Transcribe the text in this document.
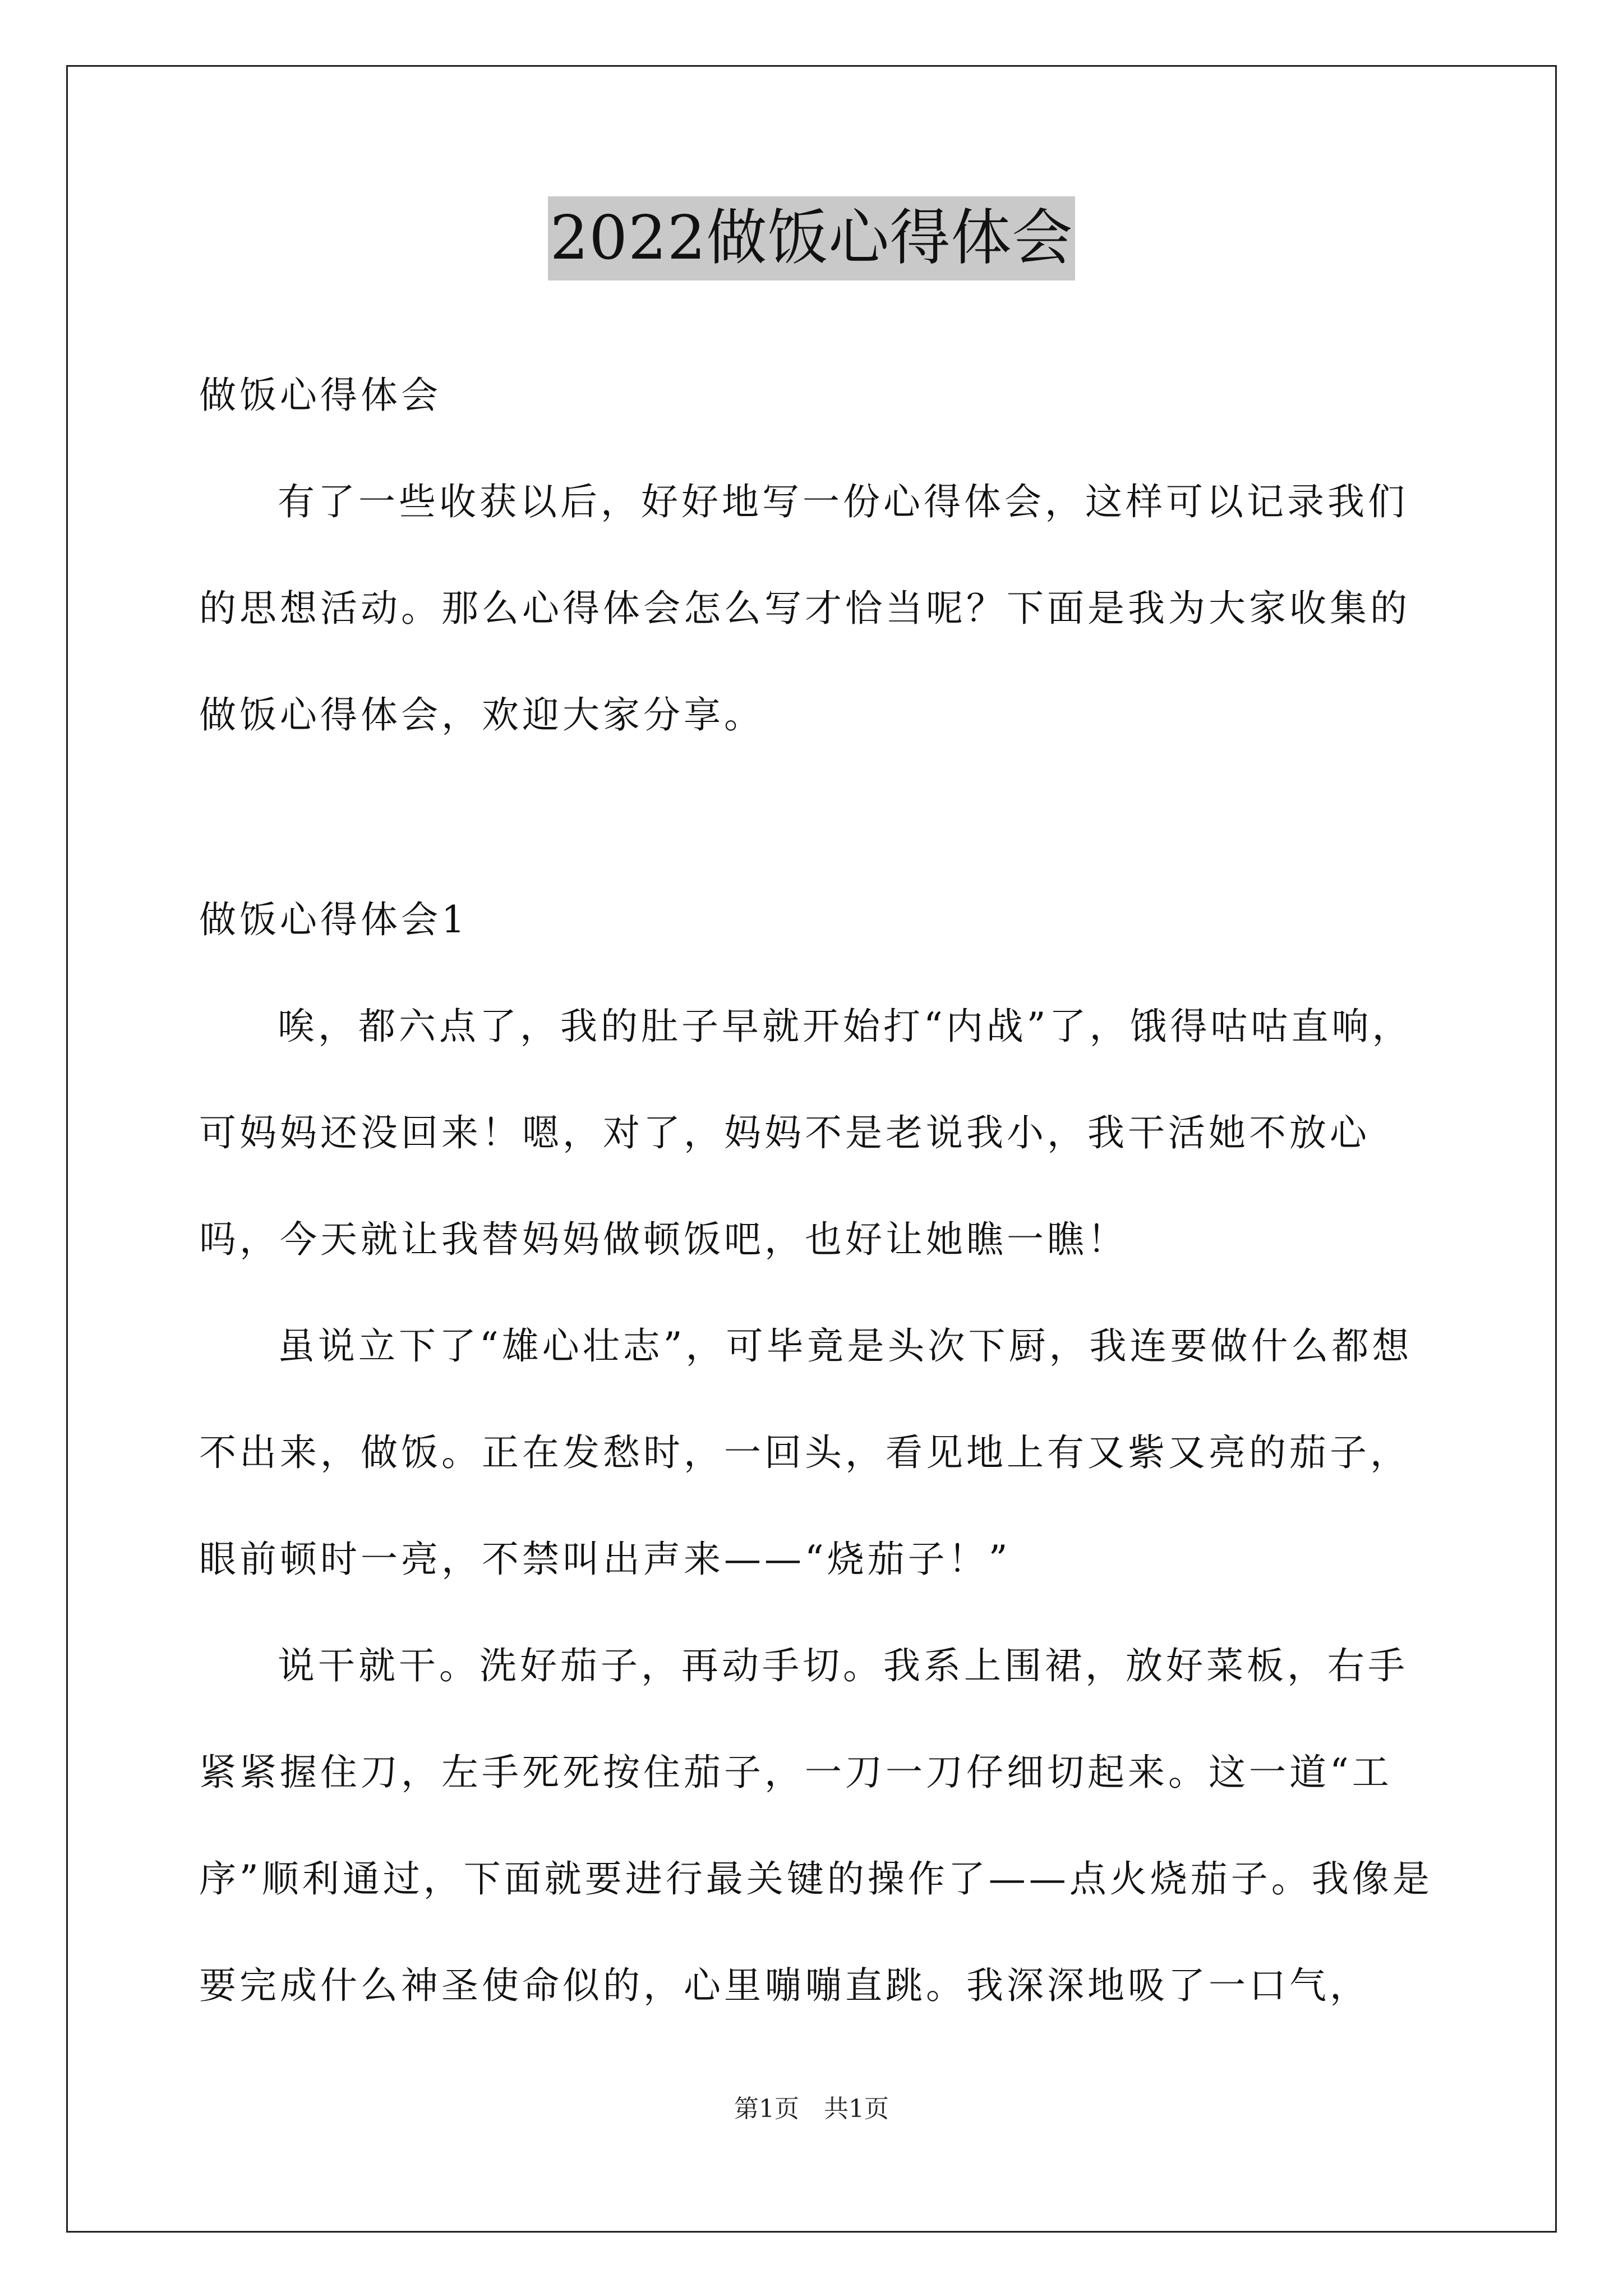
2022做饭心得体会
做饭心得体会

有了一些收获以后，好好地写一份心得体会，这样可以记录我们的思想活动。那么心得体会怎么写才恰当呢？下面是我为大家收集的做饭心得体会，欢迎大家分享。

做饭心得体会1

唉，都六点了，我的肚子早就开始打“内战”了，饿得咕咕直响，可妈妈还没回来！嗯，对了，妈妈不是老说我小，我干活她不放心吗，今天就让我替妈妈做顿饭吧，也好让她瞧一瞧！

虽说立下了“雄心壮志”，可毕竟是头次下厨，我连要做什么都想不出来，做饭。正在发愁时，一回头，看见地上有又紫又亮的茄子，眼前顿时一亮，不禁叫出声来——“烧茄子！”

说干就干。洗好茄子，再动手切。我系上围裙，放好菜板，右手紧紧握住刀，左手死死按住茄子，一刀一刀仔细切起来。这一道“工序”顺利通过，下面就要进行最关键的操作了——点火烧茄子。我像是要完成什么神圣使命似的，心里嘣嘣直跳。我深深地吸了一口气，

第1页　共1页
